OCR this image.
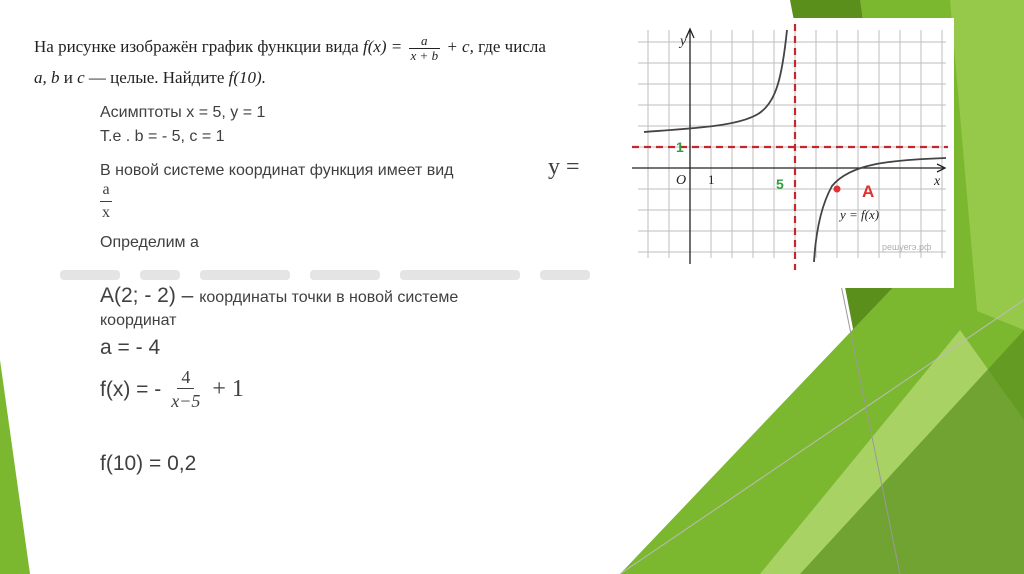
На рисунке изображён график функции вида $f(x) = \frac{a}{x + b} + c$, где числа
a, b и c — целые. Найдите f(10).
y
x
O 1	5
1
A
y = f(x)
решуегэ.рф
Асимптоты x = 5, y = 1
Т.е . b = - 5, c = 1
В новой системе координат функция имеет вид	y =
a
x
Определим а
А(2; - 2) – координаты точки в новой системе
координат
а = - 4
f(x) = - $\frac{4}{x-5} + 1$
f(10) = 0,2
